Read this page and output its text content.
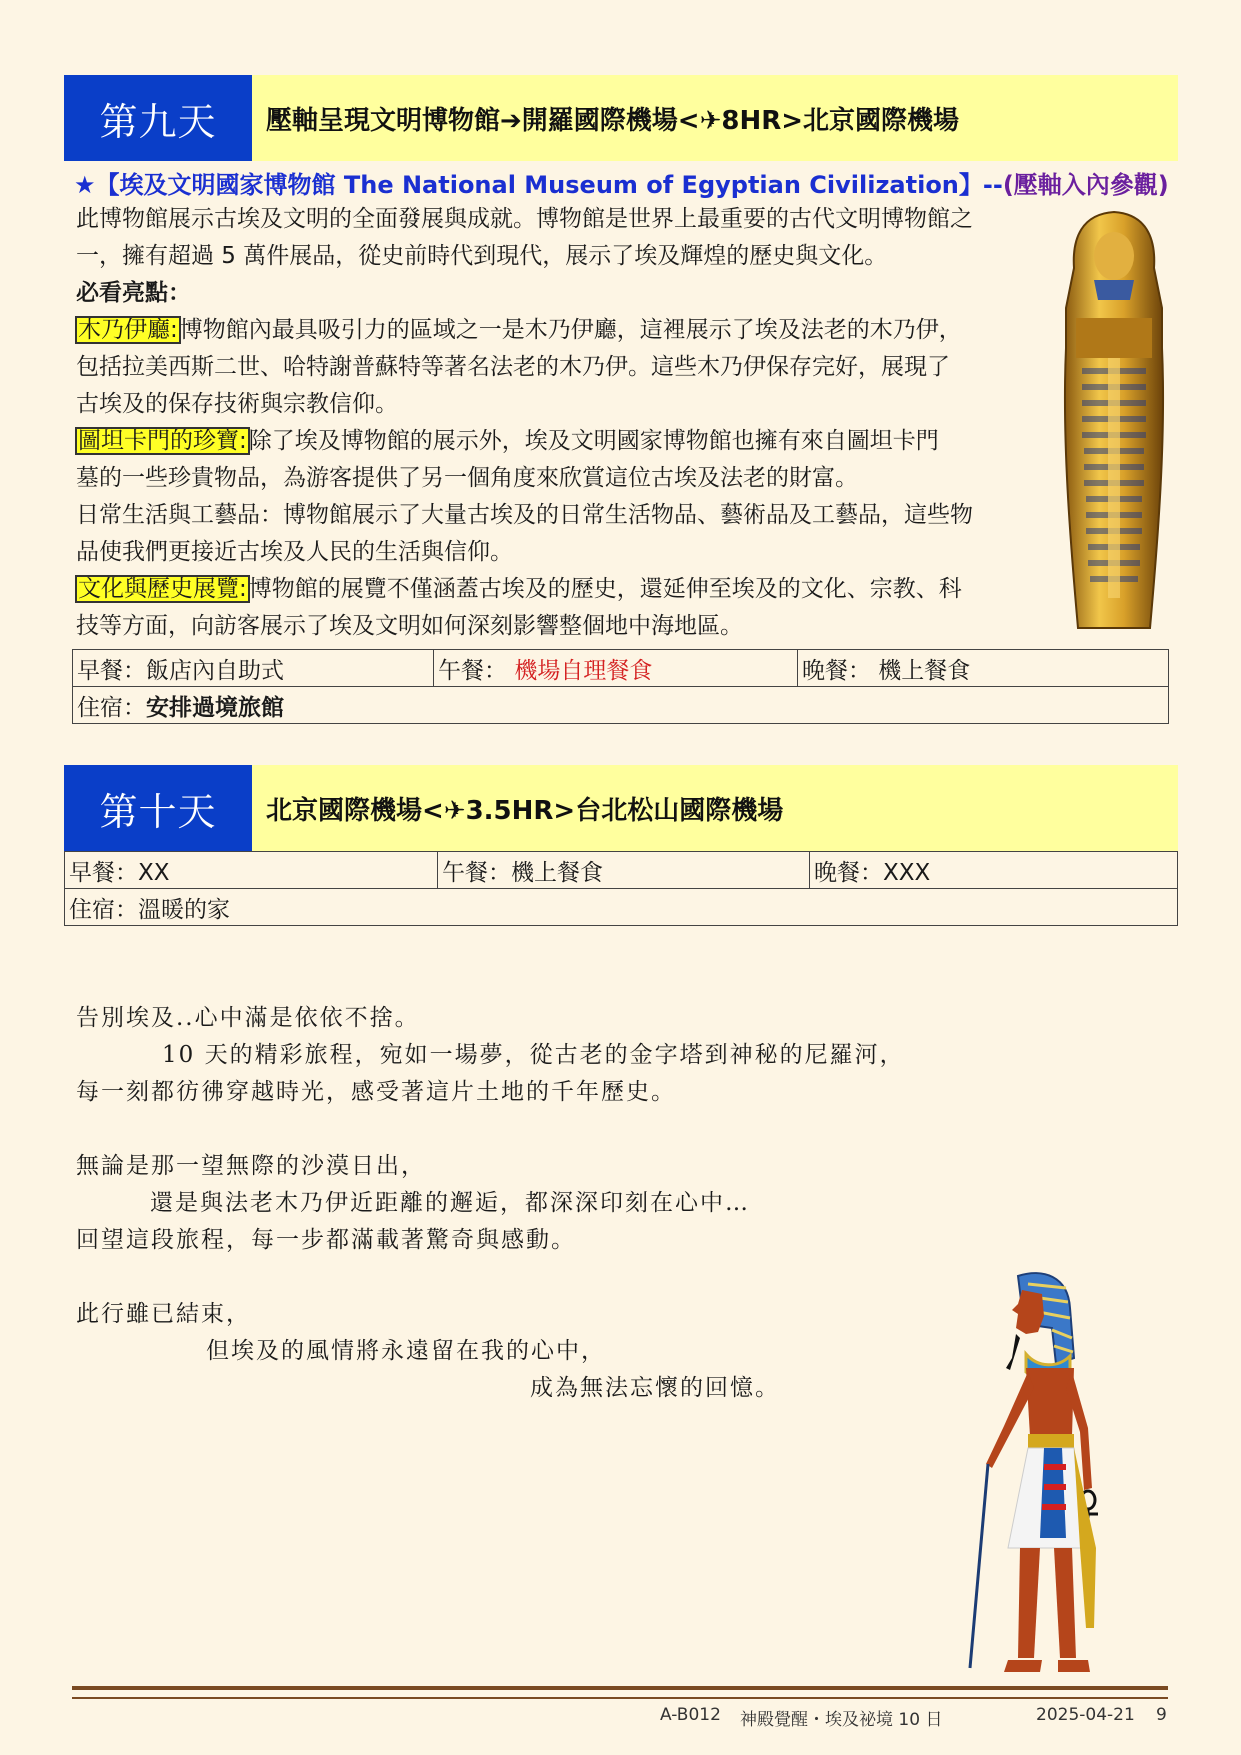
第九天	壓軸呈現文明博物館➔開羅國際機場<✈8HR>北京國際機場
★【埃及文明國家博物館 The National Museum of Egyptian Civilization】--(壓軸入內參觀)

此博物館展示古埃及文明的全面發展與成就。博物館是世界上最重要的古代文明博物館之

一，擁有超過 5 萬件展品，從史前時代到現代，展示了埃及輝煌的歷史與文化。

必看亮點：

木乃伊廳:博物館內最具吸引力的區域之一是木乃伊廳，這裡展示了埃及法老的木乃伊，

包括拉美西斯二世、哈特謝普蘇特等著名法老的木乃伊。這些木乃伊保存完好，展現了

古埃及的保存技術與宗教信仰。

圖坦卡門的珍寶:除了埃及博物館的展示外，埃及文明國家博物館也擁有來自圖坦卡門

墓的一些珍貴物品，為游客提供了另一個角度來欣賞這位古埃及法老的財富。

日常生活與工藝品：博物館展示了大量古埃及的日常生活物品、藝術品及工藝品，這些物

品使我們更接近古埃及人民的生活與信仰。

文化與歷史展覽:博物館的展覽不僅涵蓋古埃及的歷史，還延伸至埃及的文化、宗教、科

技等方面，向訪客展示了埃及文明如何深刻影響整個地中海地區。

早餐：飯店內自助式	午餐： 機場自理餐食	晚餐： 機上餐食
住宿：安排過境旅館
第十天	北京國際機場<✈3.5HR>台北松山國際機場
早餐：XX	午餐：機上餐食	晚餐：XXX
住宿：溫暖的家

告別埃及..心中滿是依依不捨。

10 天的精彩旅程，宛如一場夢，從古老的金字塔到神秘的尼羅河，

每一刻都彷彿穿越時光，感受著這片土地的千年歷史。

無論是那一望無際的沙漠日出，

還是與法老木乃伊近距離的邂逅，都深深印刻在心中…

回望這段旅程，每一步都滿載著驚奇與感動。

此行雖已結束，

但埃及的風情將永遠留在我的心中，

成為無法忘懷的回憶。

A-B012 神殿覺醒・埃及祕境 10 日	2025-04-21 9
